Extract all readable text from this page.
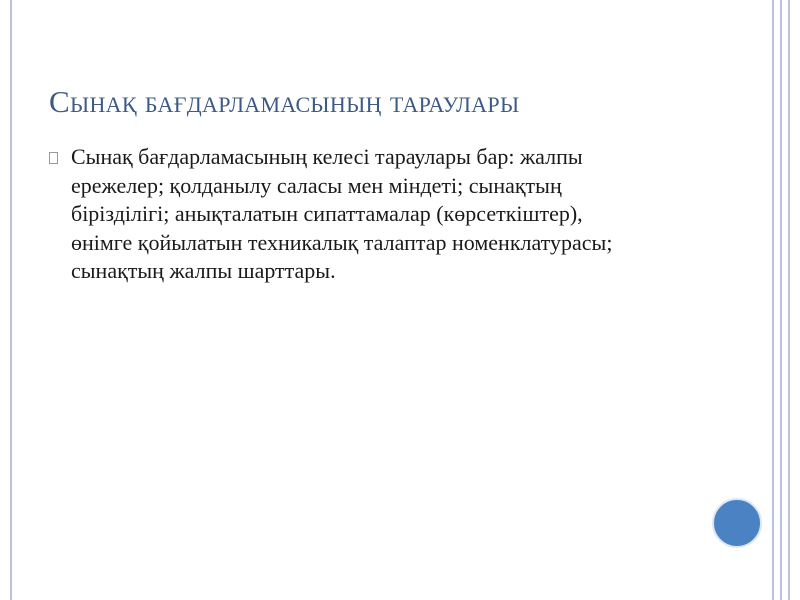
Сынақ бағдарламасының тараулары
Сынақ бағдарламасының келесі тараулары бар: жалпы ережелер; қолданылу саласы мен міндеті; сынақтың бірізділігі; анықталатын сипаттамалар (көрсеткіштер), өнімге қойылатын техникалық талаптар номенклатурасы; сынақтың жалпы шарттары.
